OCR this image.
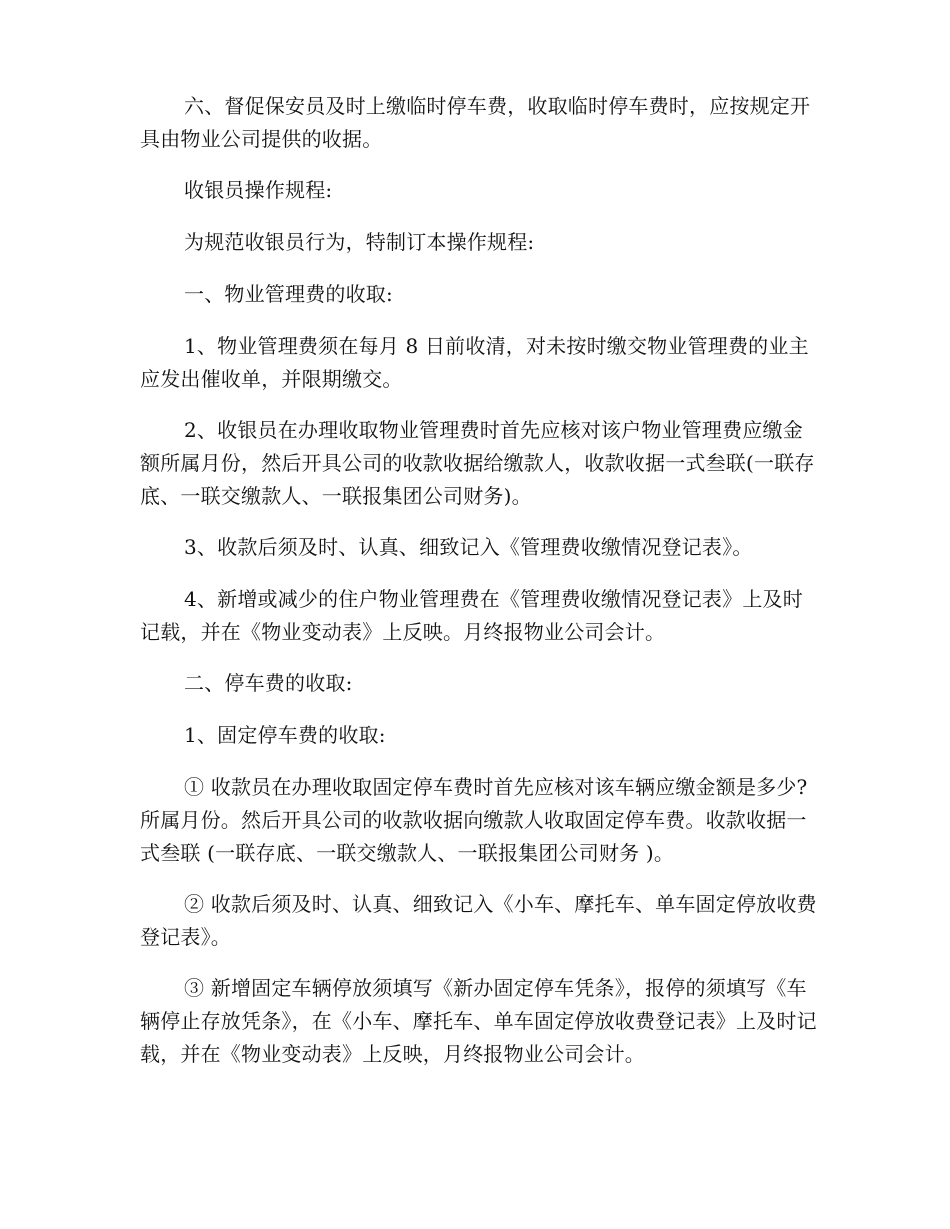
六、督促保安员及时上缴临时停车费，收取临时停车费时，应按规定开具由物业公司提供的收据。

收银员操作规程:

为规范收银员行为，特制订本操作规程:

一、物业管理费的收取:

1、物业管理费须在每月 8 日前收清，对未按时缴交物业管理费的业主应发出催收单，并限期缴交。

2、收银员在办理收取物业管理费时首先应核对该户物业管理费应缴金额所属月份，然后开具公司的收款收据给缴款人，收款收据一式叁联(一联存底、一联交缴款人、一联报集团公司财务)。

3、收款后须及时、认真、细致记入《管理费收缴情况登记表》。

4、新增或减少的住户物业管理费在《管理费收缴情况登记表》上及时记载，并在《物业变动表》上反映。月终报物业公司会计。

二、停车费的收取:

1、固定停车费的收取:

① 收款员在办理收取固定停车费时首先应核对该车辆应缴金额是多少?所属月份。然后开具公司的收款收据向缴款人收取固定停车费。收款收据一式叁联 (一联存底、一联交缴款人、一联报集团公司财务 )。

② 收款后须及时、认真、细致记入《小车、摩托车、单车固定停放收费登记表》。

③ 新增固定车辆停放须填写《新办固定停车凭条》，报停的须填写《车辆停止存放凭条》，在《小车、摩托车、单车固定停放收费登记表》上及时记载，并在《物业变动表》上反映，月终报物业公司会计。
